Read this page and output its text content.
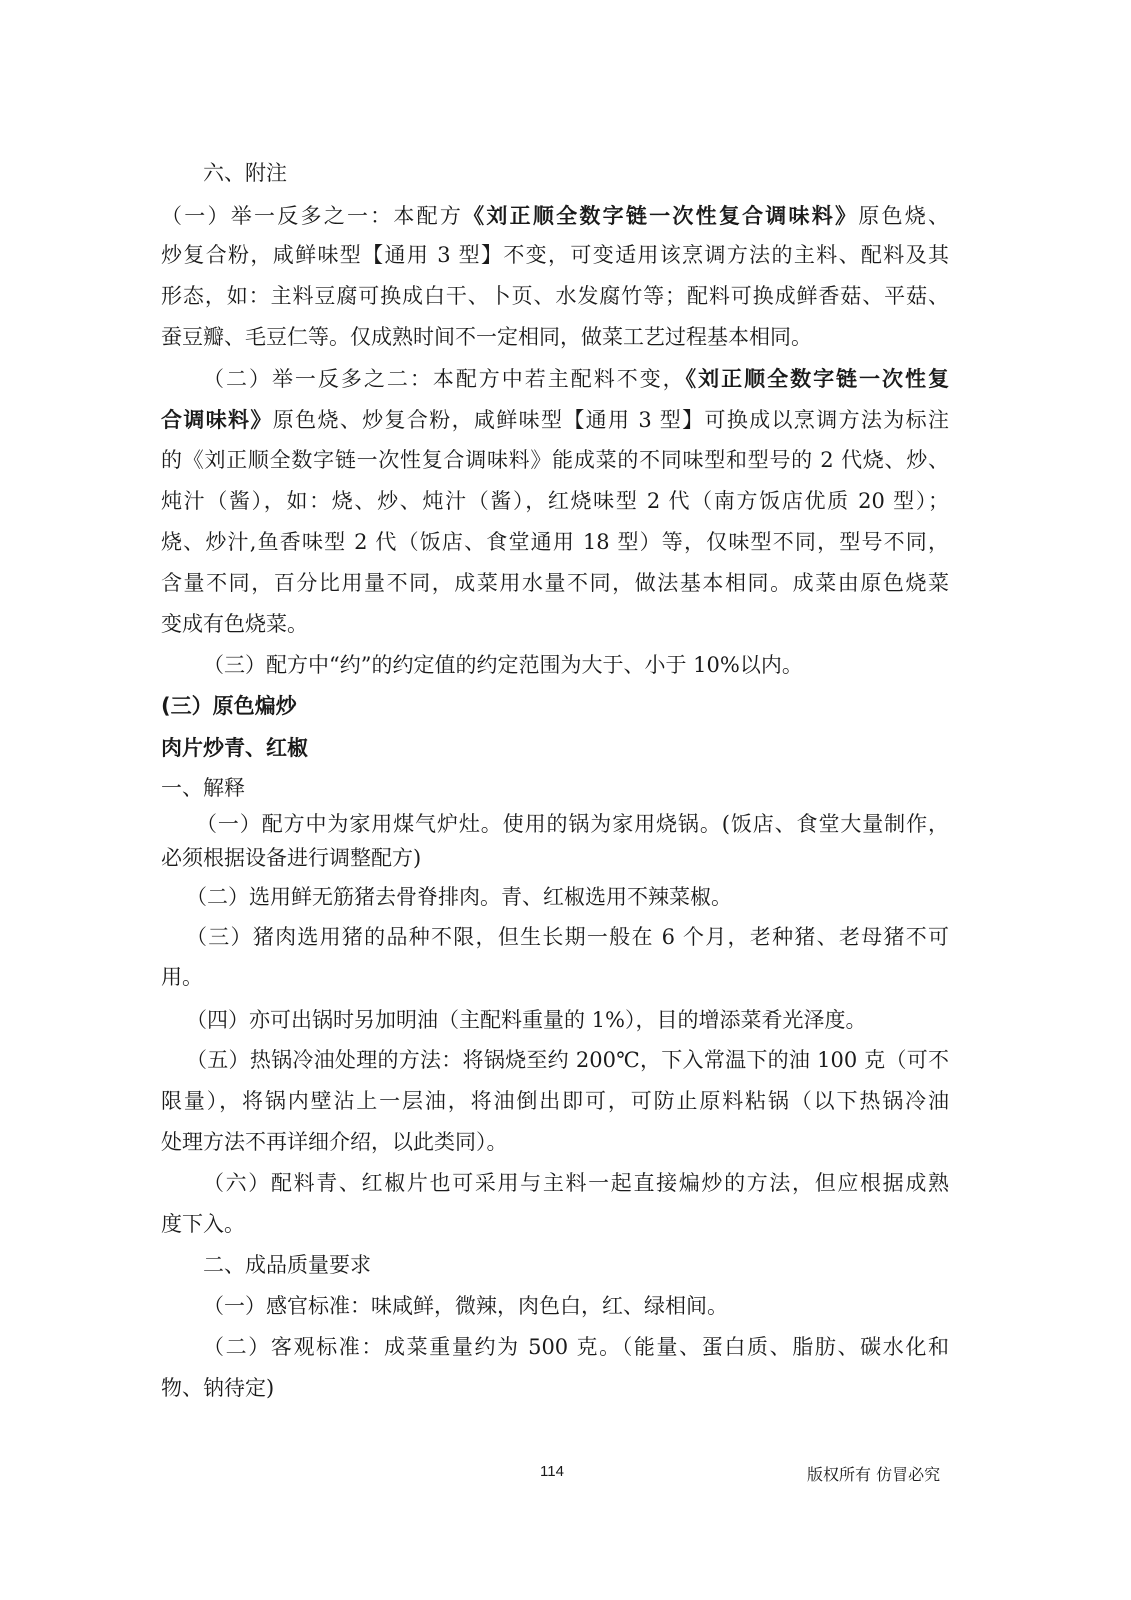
六、附注
（一）举一反多之一：本配方《刘正顺全数字链一次性复合调味料》原色烧、
炒复合粉，咸鲜味型【通用 3 型】不变，可变适用该烹调方法的主料、配料及其
形态，如：主料豆腐可换成白干、卜页、水发腐竹等；配料可换成鲜香菇、平菇、
蚕豆瓣、毛豆仁等。仅成熟时间不一定相同，做菜工艺过程基本相同。
（二）举一反多之二：本配方中若主配料不变，《刘正顺全数字链一次性复
合调味料》原色烧、炒复合粉，咸鲜味型【通用 3 型】可换成以烹调方法为标注
的《刘正顺全数字链一次性复合调味料》能成菜的不同味型和型号的 2 代烧、炒、
炖汁（酱），如：烧、炒、炖汁（酱），红烧味型 2 代（南方饭店优质 20 型）；
烧、炒汁,鱼香味型 2 代（饭店、食堂通用 18 型）等，仅味型不同，型号不同，
含量不同，百分比用量不同，成菜用水量不同，做法基本相同。成菜由原色烧菜
变成有色烧菜。
（三）配方中“约”的约定值的约定范围为大于、小于 10%以内。
(三）原色煸炒
肉片炒青、红椒
一、解释
（一）配方中为家用煤气炉灶。使用的锅为家用烧锅。(饭店、食堂大量制作，
必须根据设备进行调整配方)
（二）选用鲜无筋猪去骨脊排肉。青、红椒选用不辣菜椒。
（三）猪肉选用猪的品种不限，但生长期一般在 6 个月，老种猪、老母猪不可
用。
（四）亦可出锅时另加明油（主配料重量的 1%），目的增添菜肴光泽度。
（五）热锅冷油处理的方法：将锅烧至约 200℃，下入常温下的油 100 克（可不
限量），将锅内壁沾上一层油，将油倒出即可，可防止原料粘锅（以下热锅冷油
处理方法不再详细介绍，以此类同）。
（六）配料青、红椒片也可采用与主料一起直接煸炒的方法，但应根据成熟
度下入。
二、成品质量要求
（一）感官标准：味咸鲜，微辣，肉色白，红、绿相间。
（二）客观标准：成菜重量约为 500 克。（能量、蛋白质、脂肪、碳水化和
物、钠待定)
114	版权所有 仿冒必究
